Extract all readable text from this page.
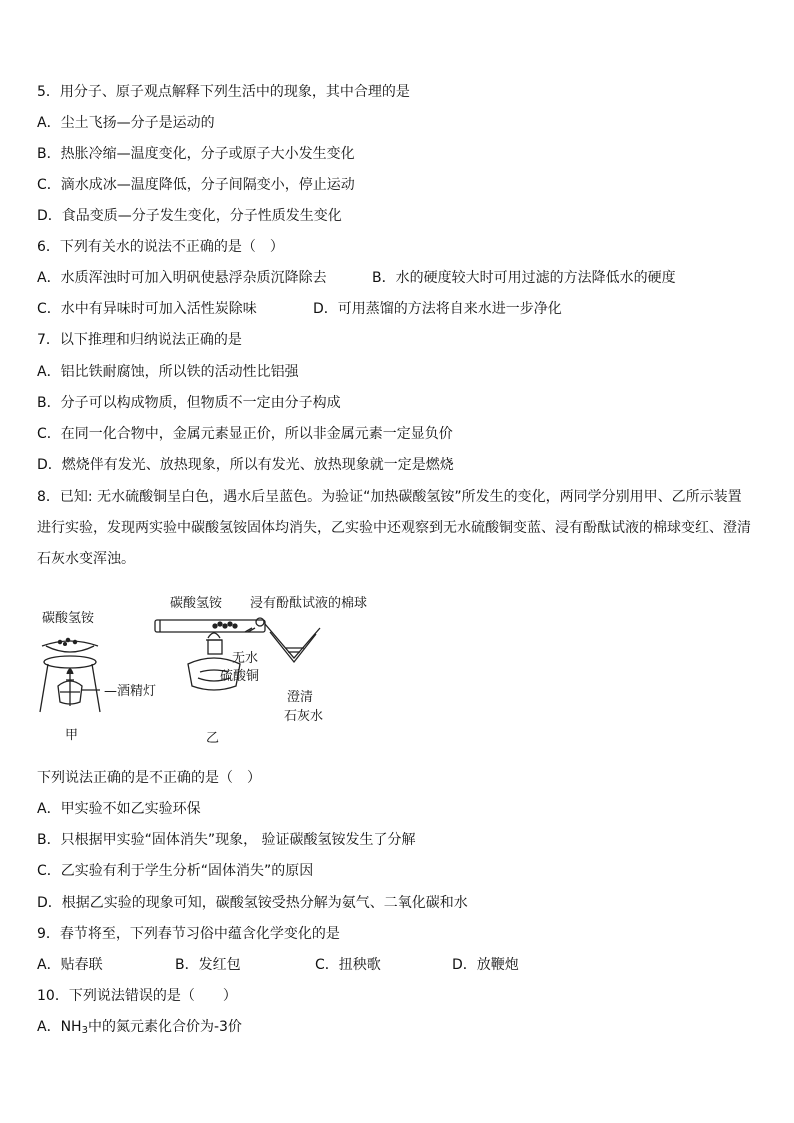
5．用分子、原子观点解释下列生活中的现象，其中合理的是
A．尘土飞扬—分子是运动的
B．热胀冷缩—温度变化，分子或原子大小发生变化
C．滴水成冰—温度降低，分子间隔变小，停止运动
D．食品变质—分子发生变化，分子性质发生变化
6．下列有关水的说法不正确的是（　）
A．水质浑浊时可加入明矾使悬浮杂质沉降除去	B．水的硬度较大时可用过滤的方法降低水的硬度
C．水中有异味时可加入活性炭除味	D．可用蒸馏的方法将自来水进一步净化
7．以下推理和归纳说法正确的是
A．铝比铁耐腐蚀，所以铁的活动性比铝强
B．分子可以构成物质，但物质不一定由分子构成
C．在同一化合物中，金属元素显正价，所以非金属元素一定显负价
D．燃烧伴有发光、放热现象，所以有发光、放热现象就一定是燃烧
8．已知: 无水硫酸铜呈白色，遇水后呈蓝色。为验证“加热碳酸氢铵”所发生的变化，两同学分别用甲、乙所示装置
进行实验，发现两实验中碳酸氢铵固体均消失，乙实验中还观察到无水硫酸铜变蓝、浸有酚酞试液的棉球变红、澄清
石灰水变浑浊。
碳酸氢铵
—酒精灯
甲
碳酸氢铵 浸有酚酞试液的棉球
无水
硫酸铜
澄清
石灰水
乙
下列说法正确的是不正确的是（　）
A．甲实验不如乙实验环保
B．只根据甲实验“固体消失”现象， 验证碳酸氢铵发生了分解
C．乙实验有利于学生分析“固体消失”的原因
D．根据乙实验的现象可知，碳酸氢铵受热分解为氨气、二氧化碳和水
9．春节将至，下列春节习俗中蕴含化学变化的是
A．贴春联	B．发红包	C．扭秧歌	D．放鞭炮
10．下列说法错误的是（　　）
A．$NH_3$中的氮元素化合价为-3价
